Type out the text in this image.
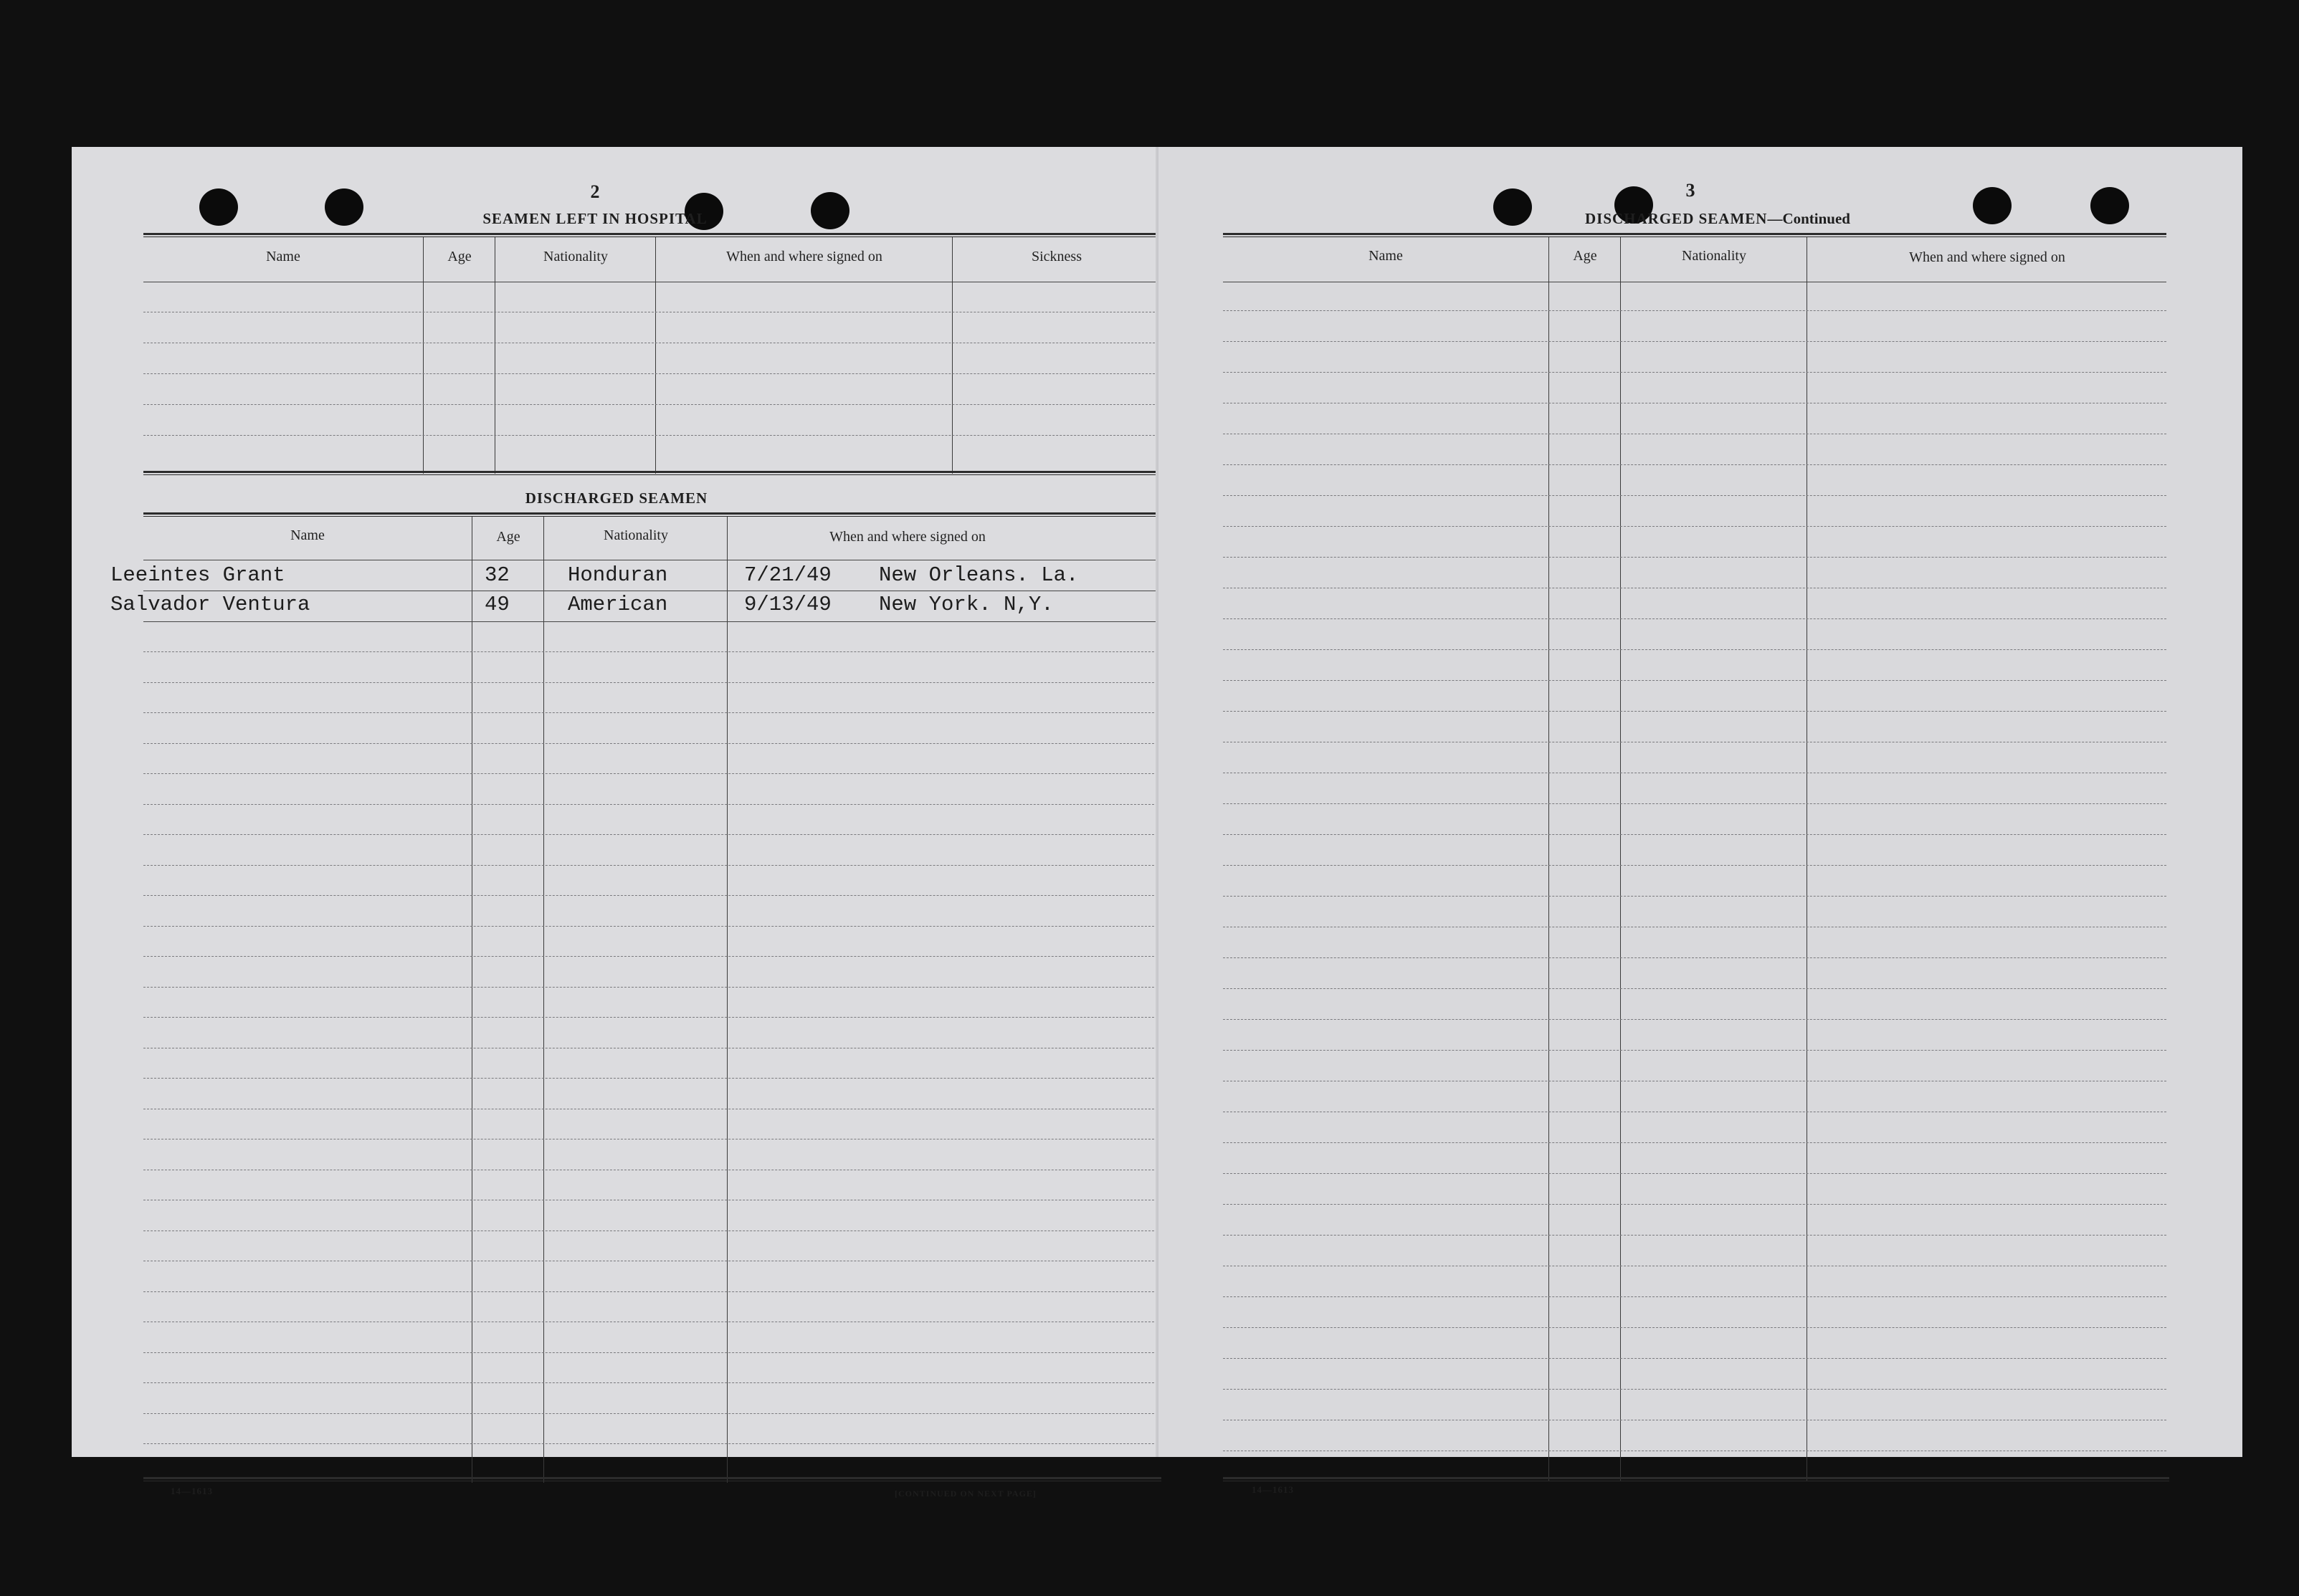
2
SEAMEN LEFT IN HOSPITAL
Name	Age	Nationality	When and where signed on	Sickness
DISCHARGED SEAMEN
Name	Age	Nationality	When and where signed on
Leeintes Grant	32	Honduran	7/21/49 New Orleans. La.
Salvador Ventura	49	American	9/13/49 New York. N,Y.
14—1613	[CONTINUED ON NEXT PAGE]
3
DISCHARGED SEAMEN—Continued
Name	Age	Nationality	When and where signed on
14—1613
